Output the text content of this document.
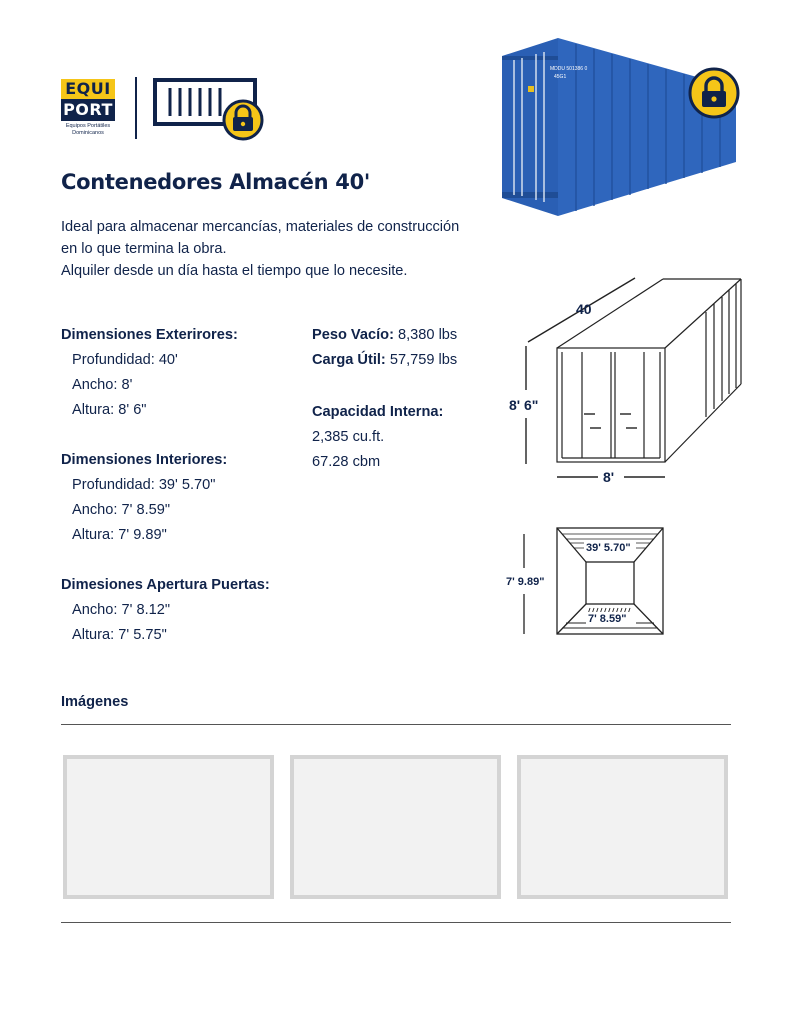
EQUI
PORT
Equipos Portátiles
Dominicanos
MDDU 501386 0
45G1
Contenedores Almacén 40'
Ideal para almacenar mercancías, materiales de construcción
en lo que termina la obra.
Alquiler desde un día hasta el tiempo que lo necesite.
Dimensiones Exterirores:
Profundidad: 40'
Ancho: 8'
Altura: 8' 6"
Dimensiones Interiores:
Profundidad: 39' 5.70"
Ancho: 7' 8.59"
Altura: 7' 9.89"
Dimesiones Apertura Puertas:
Ancho: 7' 8.12"
Altura: 7' 5.75"
Peso Vacío: 8,380 lbs
Carga Útil: 57,759 lbs
Capacidad Interna:
2,385 cu.ft.
67.28 cbm
40
8' 6"
8'
39' 5.70"
7' 8.59"
7' 9.89"
Imágenes
